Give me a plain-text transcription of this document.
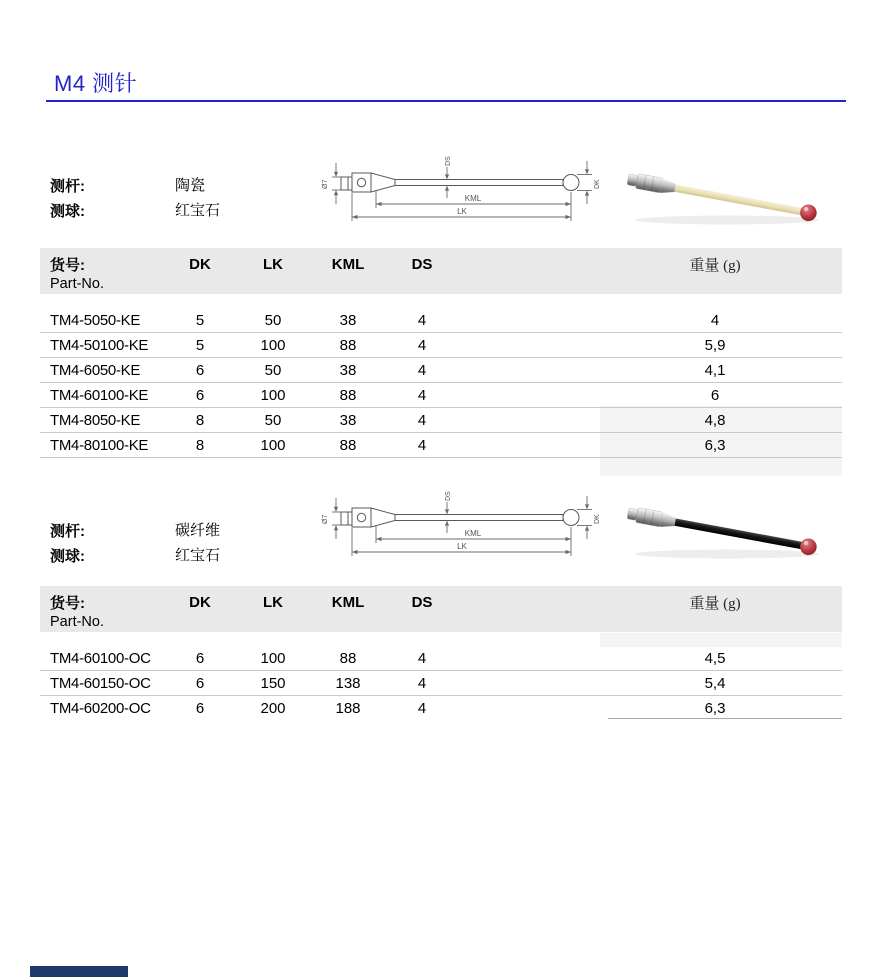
M4 测针
测杆:	陶瓷
测球:	红宝石
Ø7
DS
DK
KML
LK
货号:	DK	LK	KML	DS	重量 (g)
Part-No.
TM4-5050-KE	5	50	38	4	4
TM4-50100-KE	5	100	88	4	5,9
TM4-6050-KE	6	50	38	4	4,1
TM4-60100-KE	6	100	88	4	6
TM4-8050-KE	8	50	38	4	4,8
TM4-80100-KE	8	100	88	4	6,3
测杆:	碳纤维
测球:	红宝石
Ø7
DS
DK
KML
LK
货号:	DK	LK	KML	DS	重量 (g)
Part-No.
TM4-60100-OC	6	100	88	4	4,5
TM4-60150-OC	6	150	138	4	5,4
TM4-60200-OC	6	200	188	4	6,3
